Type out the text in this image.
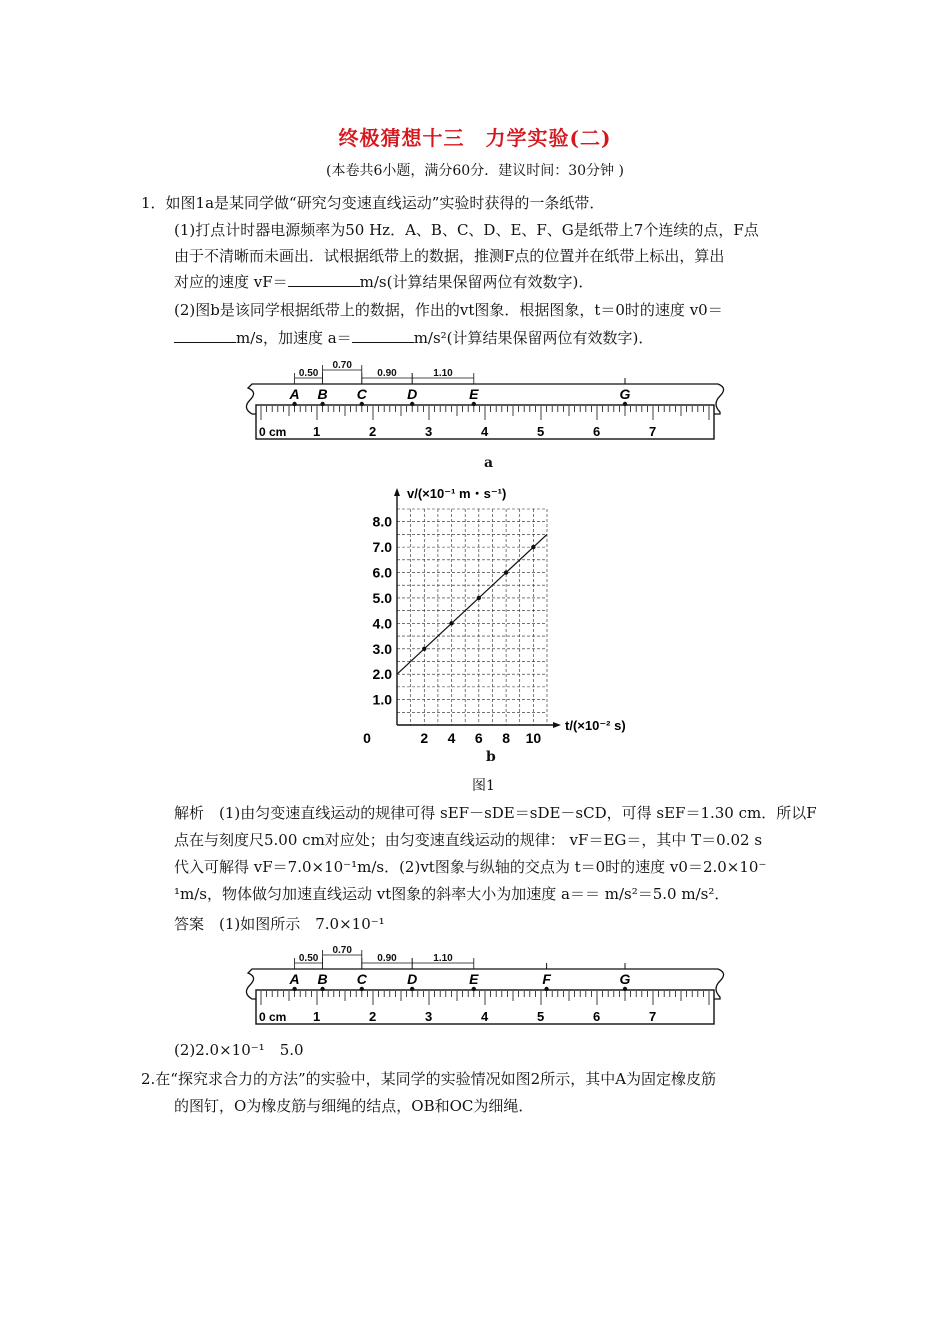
终极猜想十三　力学实验(二)
(本卷共6小题，满分60分．建议时间：30分钟 )
1．如图1a是某同学做“研究匀变速直线运动”实验时获得的一条纸带．
(1)打点计时器电源频率为50 Hz．A、B、C、D、E、F、G是纸带上7个连续的点，F点
由于不清晰而未画出．试根据纸带上的数据，推测F点的位置并在纸带上标出，算出
对应的速度 vF＝	m/s(计算结果保留两位有效数字)．
(2)图b是该同学根据纸带上的数据，作出的vt图象．根据图象，t＝0时的速度 v0＝
m/s，加速度 a＝	m/s²(计算结果保留两位有效数字)．
0 cm 1	2	3	4	5	6	7
0.50
0.70
0.90	1.10
A B C	D	E	G
a
v/(×10⁻¹ m・s⁻¹)
t/(×10⁻² s)
1.0
2.0
3.0
4.0
5.0
6.0
7.0
8.0
0	2 4 6 8 10
b
图1
解析　(1)由匀变速直线运动的规律可得 sEF－sDE＝sDE－sCD，可得 sEF＝1.30 cm．所以F
点在与刻度尺5.00 cm对应处；由匀变速直线运动的规律： vF＝EG＝，其中 T＝0.02 s
代入可解得 vF＝7.0×10⁻¹m/s．(2)vt图象与纵轴的交点为 t＝0时的速度 v0＝2.0×10⁻
¹m/s，物体做匀加速直线运动 vt图象的斜率大小为加速度 a＝＝ m/s²＝5.0 m/s²．
答案　(1)如图所示　7.0×10⁻¹
0 cm 1	2	3	4	5	6	7
0.50
0.70
0.90	1.10
A B C	D	E	F	G
(2)2.0×10⁻¹　5.0
2.在“探究求合力的方法”的实验中，某同学的实验情况如图2所示，其中A为固定橡皮筋
的图钉，O为橡皮筋与细绳的结点，OB和OC为细绳．
